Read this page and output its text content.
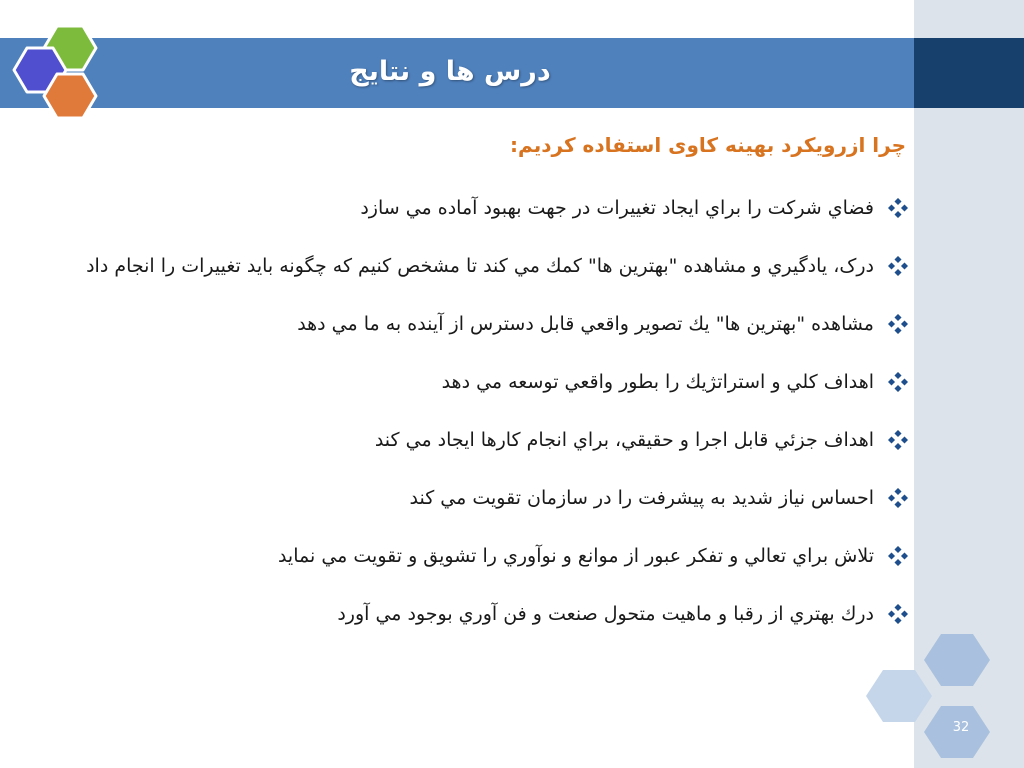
درس ها و نتايج
چرا ازرویکرد بهینه کاوی استفاده کردیم:
فضاي شركت را براي ايجاد تغييرات در جهت بهبود آماده مي سازد
درک، يادگيري و مشاهده "بهترين ها" كمك مي كند تا مشخص كنيم كه چگونه بايد تغييرات را انجام داد
مشاهده "بهترين ها" يك تصوير واقعي قابل دسترس از آينده به ما مي دهد
اهداف كلي و استراتژيك را بطور واقعي توسعه مي دهد
اهداف جزئي قابل اجرا و حقيقي، براي انجام كارها ايجاد مي كند
احساس نياز شديد به پيشرفت را در سازمان تقويت مي كند
تلاش براي تعالي و تفكر عبور از موانع و نوآوري را تشويق و تقويت مي نمايد
درك بهتري از رقبا و ماهيت متحول صنعت و فن آوري بوجود مي آورد
32
